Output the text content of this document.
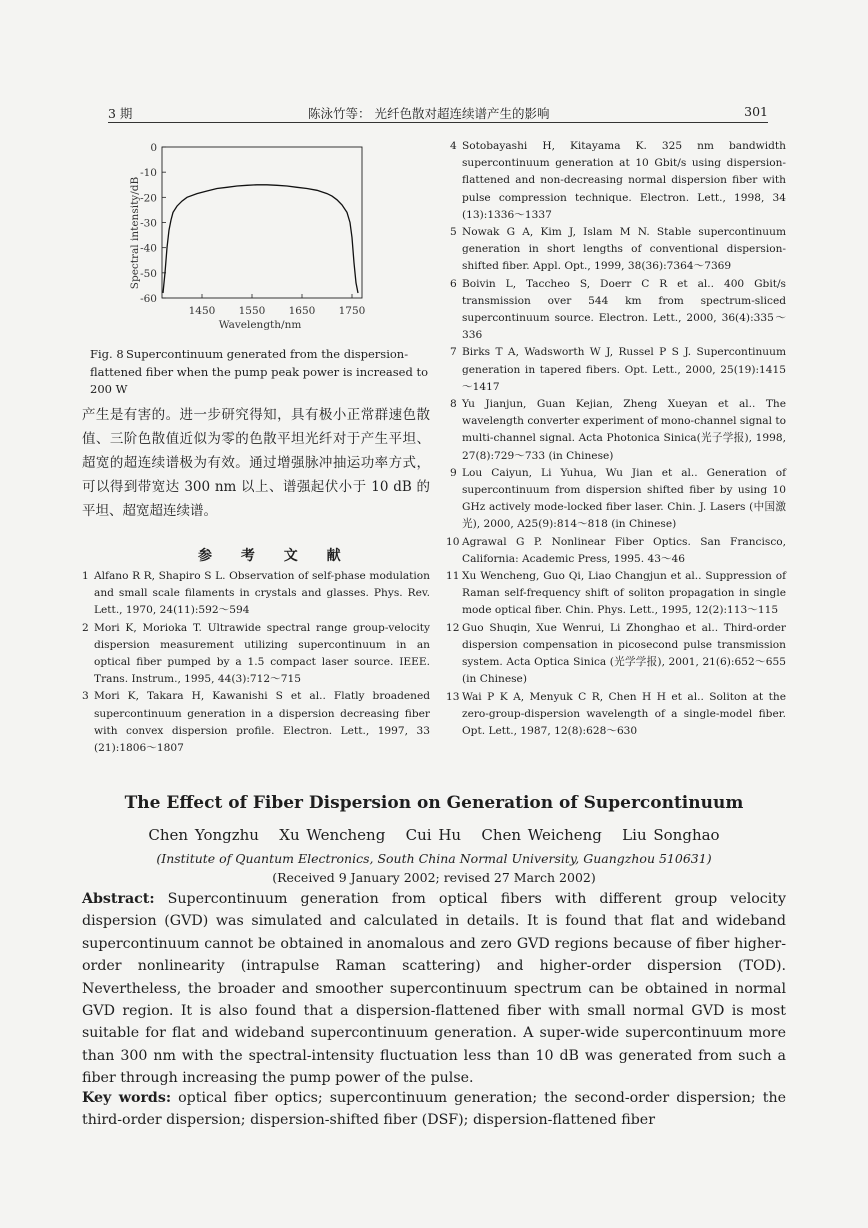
3 期	陈泳竹等： 光纤色散对超连续谱产生的影响	301
0
-10
-20
-30
-40
-50
-60
1450 1550 1650 1750
Spectral intensity/dB
Wavelength/nm
Fig. 8 Supercontinuum generated from the dispersion-flattened fiber when the pump peak power is increased to 200 W
产生是有害的。进一步研究得知，具有极小正常群速色散值、三阶色散值近似为零的色散平坦光纤对于产生平坦、超宽的超连续谱极为有效。通过增强脉冲抽运功率方式，可以得到带宽达 300 nm 以上、谱强起伏小于 10 dB 的平坦、超宽超连续谱。
参 考 文 献
1 Alfano R R, Shapiro S L. Observation of self-phase modulation and small scale filaments in crystals and glasses. Phys. Rev. Lett., 1970, 24(11):592～594
2 Mori K, Morioka T. Ultrawide spectral range group-velocity dispersion measurement utilizing supercontinuum in an optical fiber pumped by a 1.5 compact laser source. IEEE. Trans. Instrum., 1995, 44(3):712～715
3 Mori K, Takara H, Kawanishi S et al.. Flatly broadened supercontinuum generation in a dispersion decreasing fiber with convex dispersion profile. Electron. Lett., 1997, 33 (21):1806～1807
4 Sotobayashi H, Kitayama K. 325 nm bandwidth supercontinuum generation at 10 Gbit/s using dispersion-flattened and non-decreasing normal dispersion fiber with pulse compression technique. Electron. Lett., 1998, 34 (13):1336～1337
5 Nowak G A, Kim J, Islam M N. Stable supercontinuum generation in short lengths of conventional dispersion-shifted fiber. Appl. Opt., 1999, 38(36):7364～7369
6 Boivin L, Taccheo S, Doerr C R et al.. 400 Gbit/s transmission over 544 km from spectrum-sliced supercontinuum source. Electron. Lett., 2000, 36(4):335～336
7 Birks T A, Wadsworth W J, Russel P S J. Supercontinuum generation in tapered fibers. Opt. Lett., 2000, 25(19):1415～1417
8 Yu Jianjun, Guan Kejian, Zheng Xueyan et al.. The wavelength converter experiment of mono-channel signal to multi-channel signal. Acta Photonica Sinica(光子学报), 1998, 27(8):729～733 (in Chinese)
9 Lou Caiyun, Li Yuhua, Wu Jian et al.. Generation of supercontinuum from dispersion shifted fiber by using 10 GHz actively mode-locked fiber laser. Chin. J. Lasers (中国激光), 2000, A25(9):814～818 (in Chinese)
10 Agrawal G P. Nonlinear Fiber Optics. San Francisco, California: Academic Press, 1995. 43～46
11 Xu Wencheng, Guo Qi, Liao Changjun et al.. Suppression of Raman self-frequency shift of soliton propagation in single mode optical fiber. Chin. Phys. Lett., 1995, 12(2):113～115
12 Guo Shuqin, Xue Wenrui, Li Zhonghao et al.. Third-order dispersion compensation in picosecond pulse transmission system. Acta Optica Sinica (光学学报), 2001, 21(6):652～655 (in Chinese)
13 Wai P K A, Menyuk C R, Chen H H et al.. Soliton at the zero-group-dispersion wavelength of a single-model fiber. Opt. Lett., 1987, 12(8):628～630
The Effect of Fiber Dispersion on Generation of Supercontinuum
Chen Yongzhu   Xu Wencheng   Cui Hu   Chen Weicheng   Liu Songhao
(Institute of Quantum Electronics, South China Normal University, Guangzhou 510631)
(Received 9 January 2002; revised 27 March 2002)
Abstract: Supercontinuum generation from optical fibers with different group velocity dispersion (GVD) was simulated and calculated in details. It is found that flat and wideband supercontinuum cannot be obtained in anomalous and zero GVD regions because of fiber higher-order nonlinearity (intrapulse Raman scattering) and higher-order dispersion (TOD). Nevertheless, the broader and smoother supercontinuum spectrum can be obtained in normal GVD region. It is also found that a dispersion-flattened fiber with small normal GVD is most suitable for flat and wideband supercontinuum generation. A super-wide supercontinuum more than 300 nm with the spectral-intensity fluctuation less than 10 dB was generated from such a fiber through increasing the pump power of the pulse.
Key words: optical fiber optics; supercontinuum generation; the second-order dispersion; the third-order dispersion; dispersion-shifted fiber (DSF); dispersion-flattened fiber
